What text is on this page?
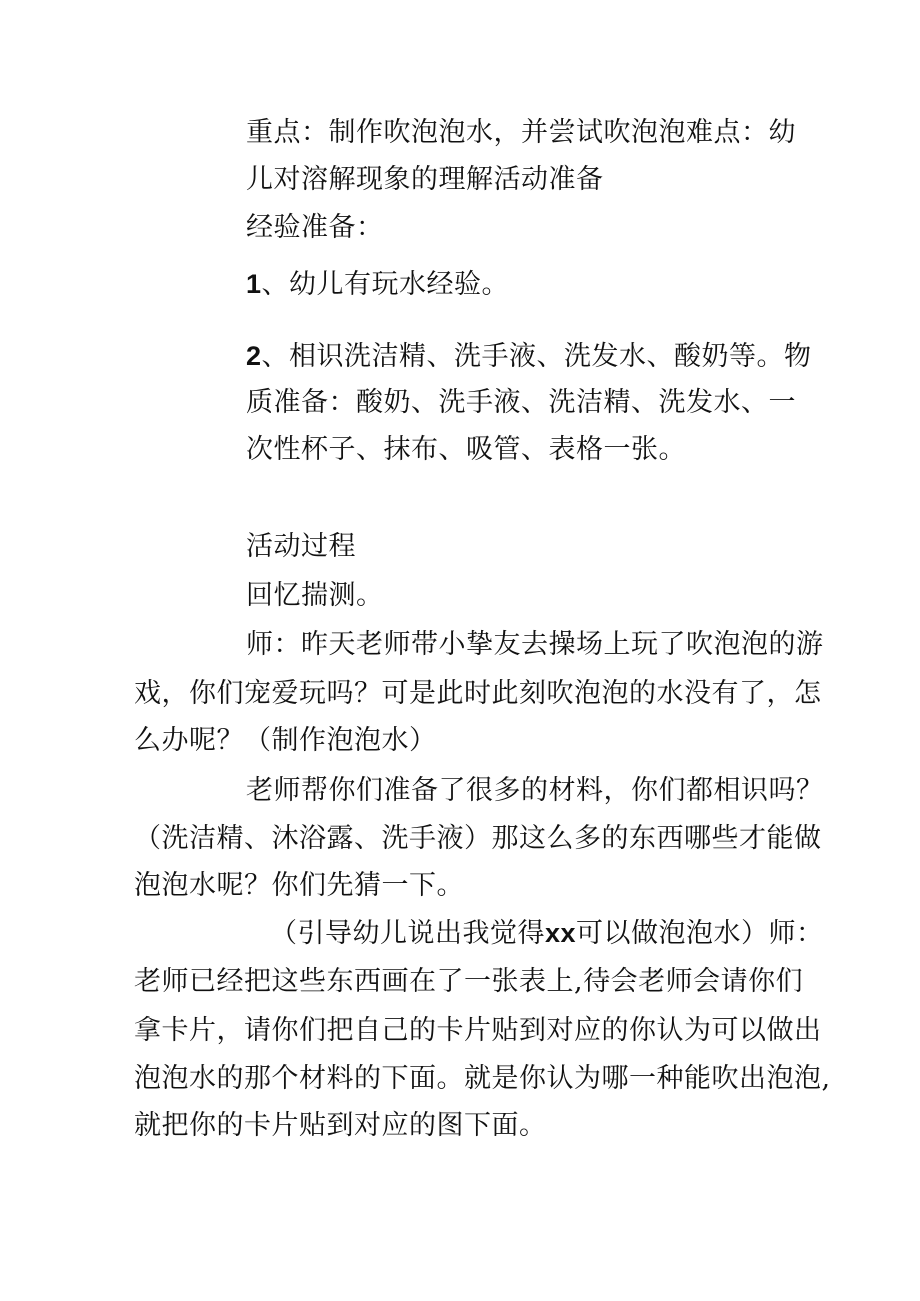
重点：制作吹泡泡水，并尝试吹泡泡难点：幼
儿对溶解现象的理解活动准备
经验准备：
1、幼儿有玩水经验。
2、相识洗洁精、洗手液、洗发水、酸奶等。物
质准备：酸奶、洗手液、洗洁精、洗发水、一
次性杯子、抹布、吸管、表格一张。
活动过程
回忆揣测。
师：昨天老师带小挚友去操场上玩了吹泡泡的游
戏，你们宠爱玩吗？可是此时此刻吹泡泡的水没有了，怎
么办呢？（制作泡泡水）
老师帮你们准备了很多的材料，你们都相识吗？
（洗洁精、沐浴露、洗手液）那这么多的东西哪些才能做
泡泡水呢？你们先猜一下。
（引导幼儿说出我觉得xx可以做泡泡水）师：
老师已经把这些东西画在了一张表上,待会老师会请你们
拿卡片，请你们把自己的卡片贴到对应的你认为可以做出
泡泡水的那个材料的下面。就是你认为哪一种能吹出泡泡,
就把你的卡片贴到对应的图下面。
